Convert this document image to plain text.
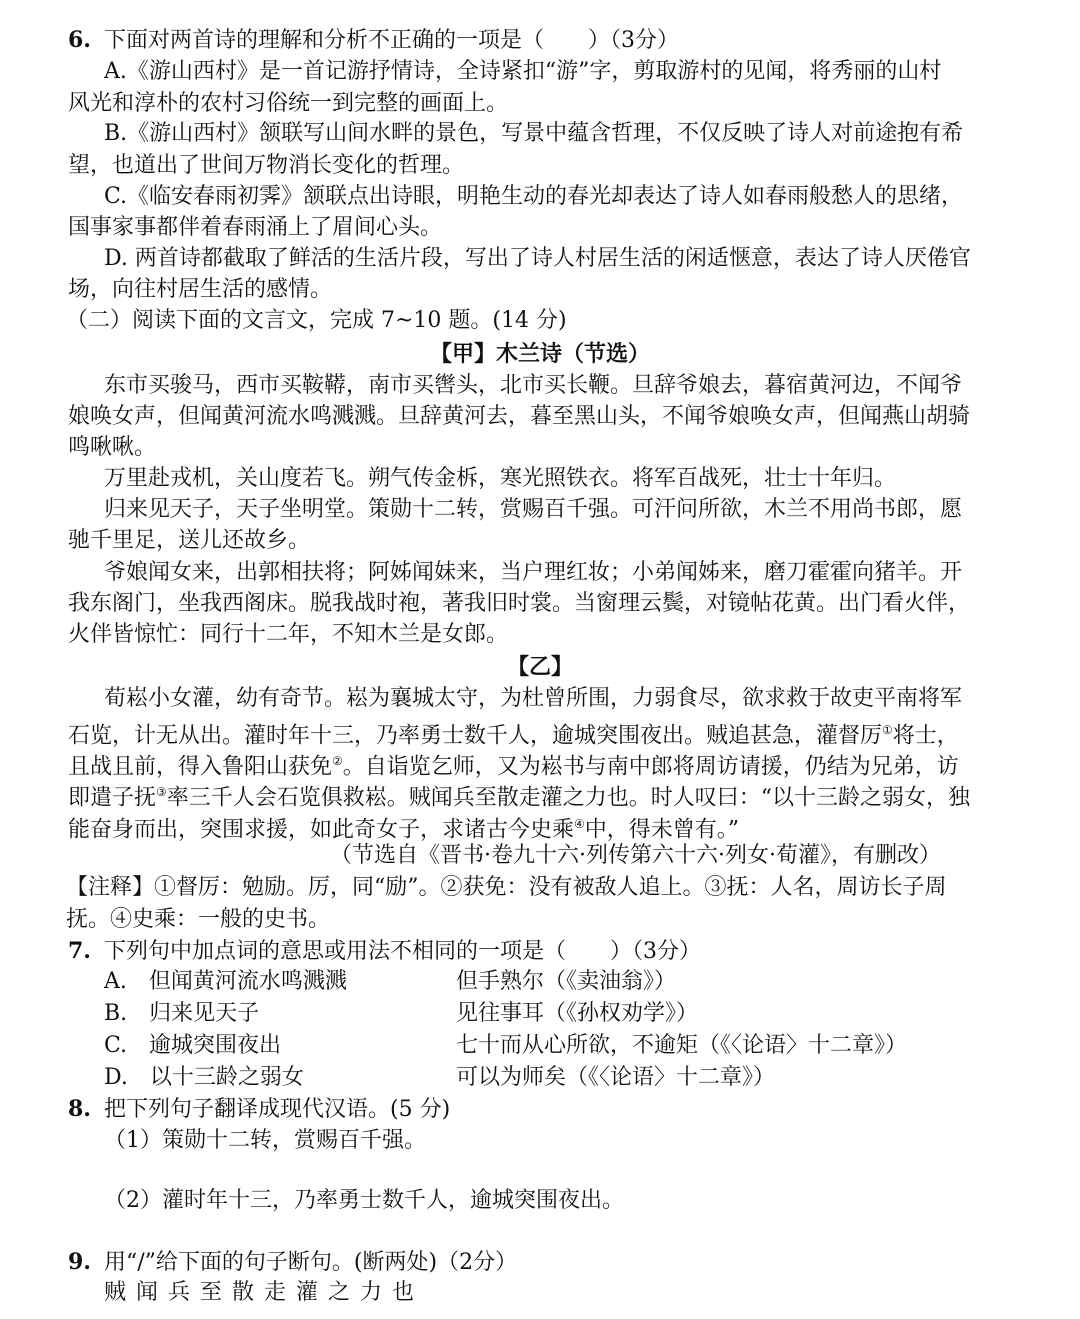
6. 下面对两首诗的理解和分析不正确的一项是（　　）（3分）
A.《游山西村》是一首记游抒情诗，全诗紧扣“游”字，剪取游村的见闻，将秀丽的山村
风光和淳朴的农村习俗统一到完整的画面上。
B.《游山西村》颔联写山间水畔的景色，写景中蕴含哲理，不仅反映了诗人对前途抱有希
望，也道出了世间万物消长变化的哲理。
C.《临安春雨初霁》颔联点出诗眼，明艳生动的春光却表达了诗人如春雨般愁人的思绪，
国事家事都伴着春雨涌上了眉间心头。
D. 两首诗都截取了鲜活的生活片段，写出了诗人村居生活的闲适惬意，表达了诗人厌倦官
场，向往村居生活的感情。
（二）阅读下面的文言文，完成 7~10 题。(14 分)
【甲】木兰诗（节选）
东市买骏马，西市买鞍鞯，南市买辔头，北市买长鞭。旦辞爷娘去，暮宿黄河边，不闻爷
娘唤女声，但闻黄河流水鸣溅溅。旦辞黄河去，暮至黑山头，不闻爷娘唤女声，但闻燕山胡骑
鸣啾啾。
万里赴戎机，关山度若飞。朔气传金柝，寒光照铁衣。将军百战死，壮士十年归。
归来见天子，天子坐明堂。策勋十二转，赏赐百千强。可汗问所欲，木兰不用尚书郎，愿
驰千里足，送儿还故乡。
爷娘闻女来，出郭相扶将；阿姊闻妹来，当户理红妆；小弟闻姊来，磨刀霍霍向猪羊。开
我东阁门，坐我西阁床。脱我战时袍，著我旧时裳。当窗理云鬓，对镜帖花黄。出门看火伴，
火伴皆惊忙：同行十二年，不知木兰是女郎。
【乙】
荀崧小女灌，幼有奇节。崧为襄城太守，为杜曾所围，力弱食尽，欲求救于故吏平南将军
石览，计无从出。灌时年十三，乃率勇士数千人，逾城突围夜出。贼追甚急，灌督厉①将士，
且战且前，得入鲁阳山获免②。自诣览乞师，又为崧书与南中郎将周访请援，仍结为兄弟，访
即遣子抚③率三千人会石览俱救崧。贼闻兵至散走灌之力也。时人叹曰：“以十三龄之弱女，独
能奋身而出，突围求援，如此奇女子，求诸古今史乘④中，得未曾有。”
（节选自《晋书·卷九十六·列传第六十六·列女·荀灌》，有删改）
【注释】①督厉：勉励。厉，同“励”。②获免：没有被敌人追上。③抚：人名，周访长子周
抚。④史乘：一般的史书。
7. 下列句中加点词的意思或用法不相同的一项是（　　）（3分）
A.　但闻黄河流水鸣溅溅	但手熟尔（《卖油翁》）
B.　归来见天子	见往事耳（《孙权劝学》）
C.　逾城突围夜出	七十而从心所欲，不逾矩（《〈论语〉十二章》）
D.　以十三龄之弱女	可以为师矣（《〈论语〉十二章》）
8. 把下列句子翻译成现代汉语。(5 分)
（1）策勋十二转，赏赐百千强。
（2）灌时年十三，乃率勇士数千人，逾城突围夜出。
9. 用“/”给下面的句子断句。(断两处)（2分）
贼闻兵至散走灌之力也
